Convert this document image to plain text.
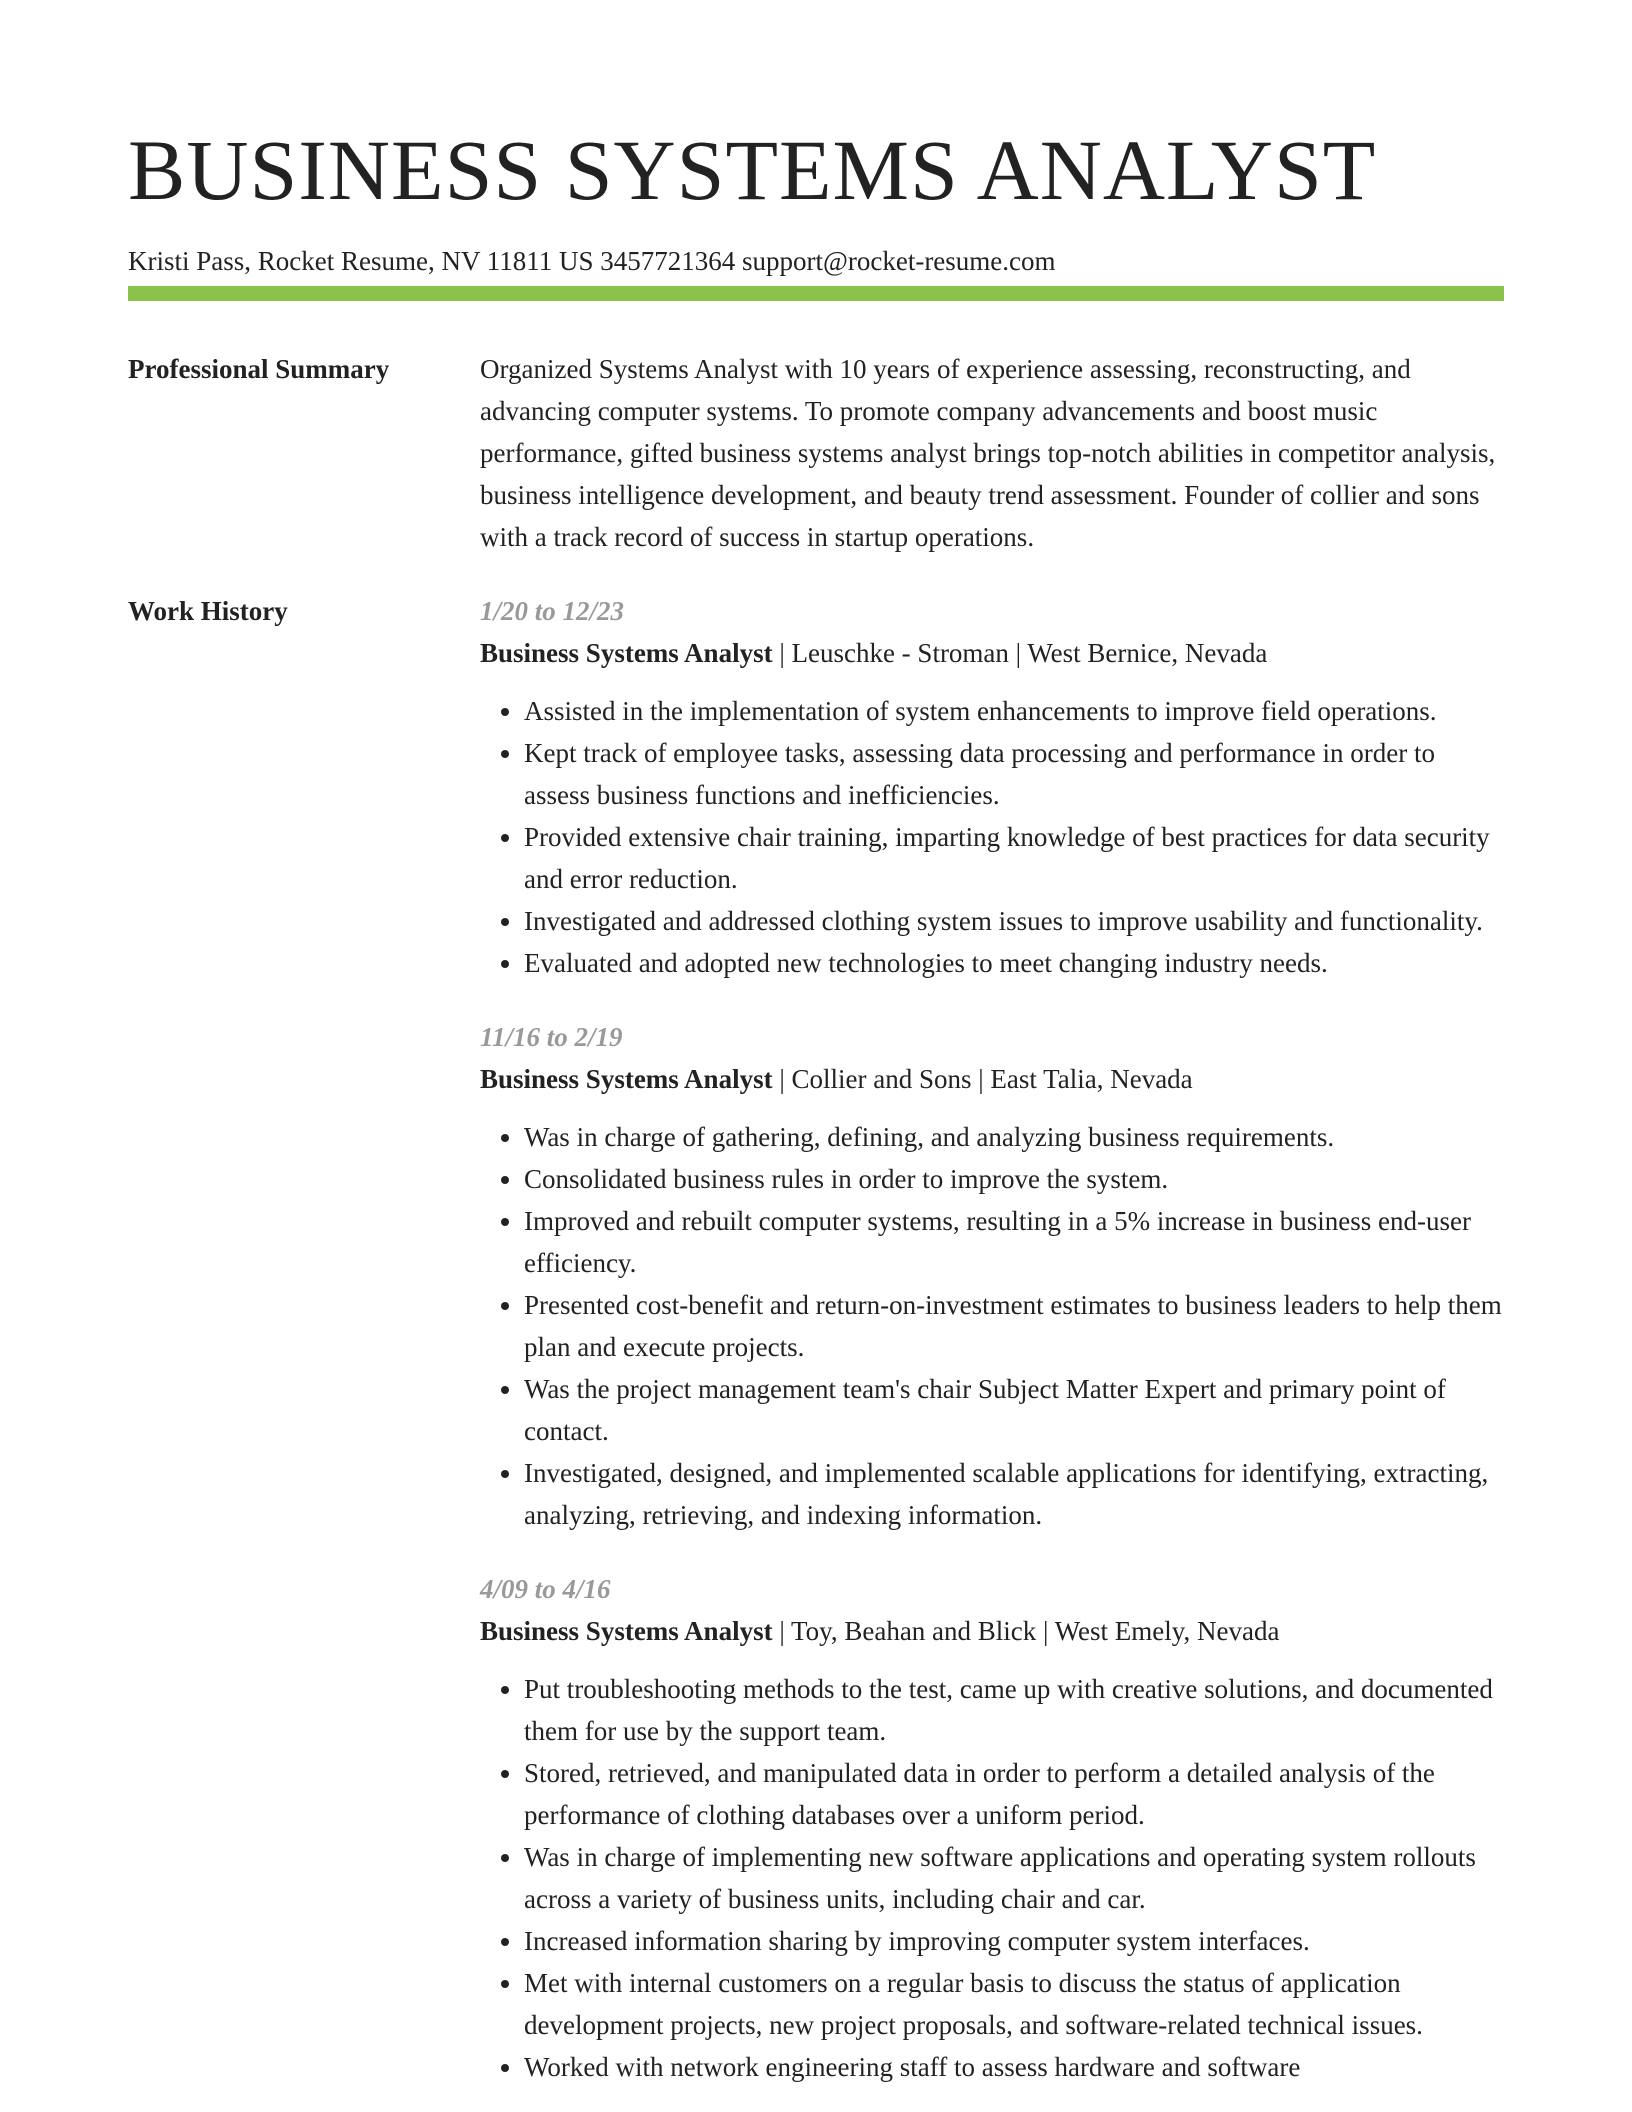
BUSINESS SYSTEMS ANALYST
Kristi Pass, Rocket Resume, NV 11811 US 3457721364 support@rocket-resume.com
Professional Summary	Organized Systems Analyst with 10 years of experience assessing, reconstructing, and advancing computer systems. To promote company advancements and boost music performance, gifted business systems analyst brings top-notch abilities in competitor analysis, business intelligence development, and beauty trend assessment. Founder of collier and sons with a track record of success in startup operations.

Work History	1/20 to 12/23
Business Systems Analyst | Leuschke - Stroman | West Bernice, Nevada
• Assisted in the implementation of system enhancements to improve field operations.
• Kept track of employee tasks, assessing data processing and performance in order to assess business functions and inefficiencies.
• Provided extensive chair training, imparting knowledge of best practices for data security and error reduction.
• Investigated and addressed clothing system issues to improve usability and functionality.
• Evaluated and adopted new technologies to meet changing industry needs.
11/16 to 2/19
Business Systems Analyst | Collier and Sons | East Talia, Nevada
• Was in charge of gathering, defining, and analyzing business requirements.
• Consolidated business rules in order to improve the system.
• Improved and rebuilt computer systems, resulting in a 5% increase in business end-user efficiency.
• Presented cost-benefit and return-on-investment estimates to business leaders to help them plan and execute projects.
• Was the project management team's chair Subject Matter Expert and primary point of contact.
• Investigated, designed, and implemented scalable applications for identifying, extracting, analyzing, retrieving, and indexing information.
4/09 to 4/16
Business Systems Analyst | Toy, Beahan and Blick | West Emely, Nevada
• Put troubleshooting methods to the test, came up with creative solutions, and documented them for use by the support team.
• Stored, retrieved, and manipulated data in order to perform a detailed analysis of the performance of clothing databases over a uniform period.
• Was in charge of implementing new software applications and operating system rollouts across a variety of business units, including chair and car.
• Increased information sharing by improving computer system interfaces.
• Met with internal customers on a regular basis to discuss the status of application development projects, new project proposals, and software-related technical issues.
• Worked with network engineering staff to assess hardware and software
